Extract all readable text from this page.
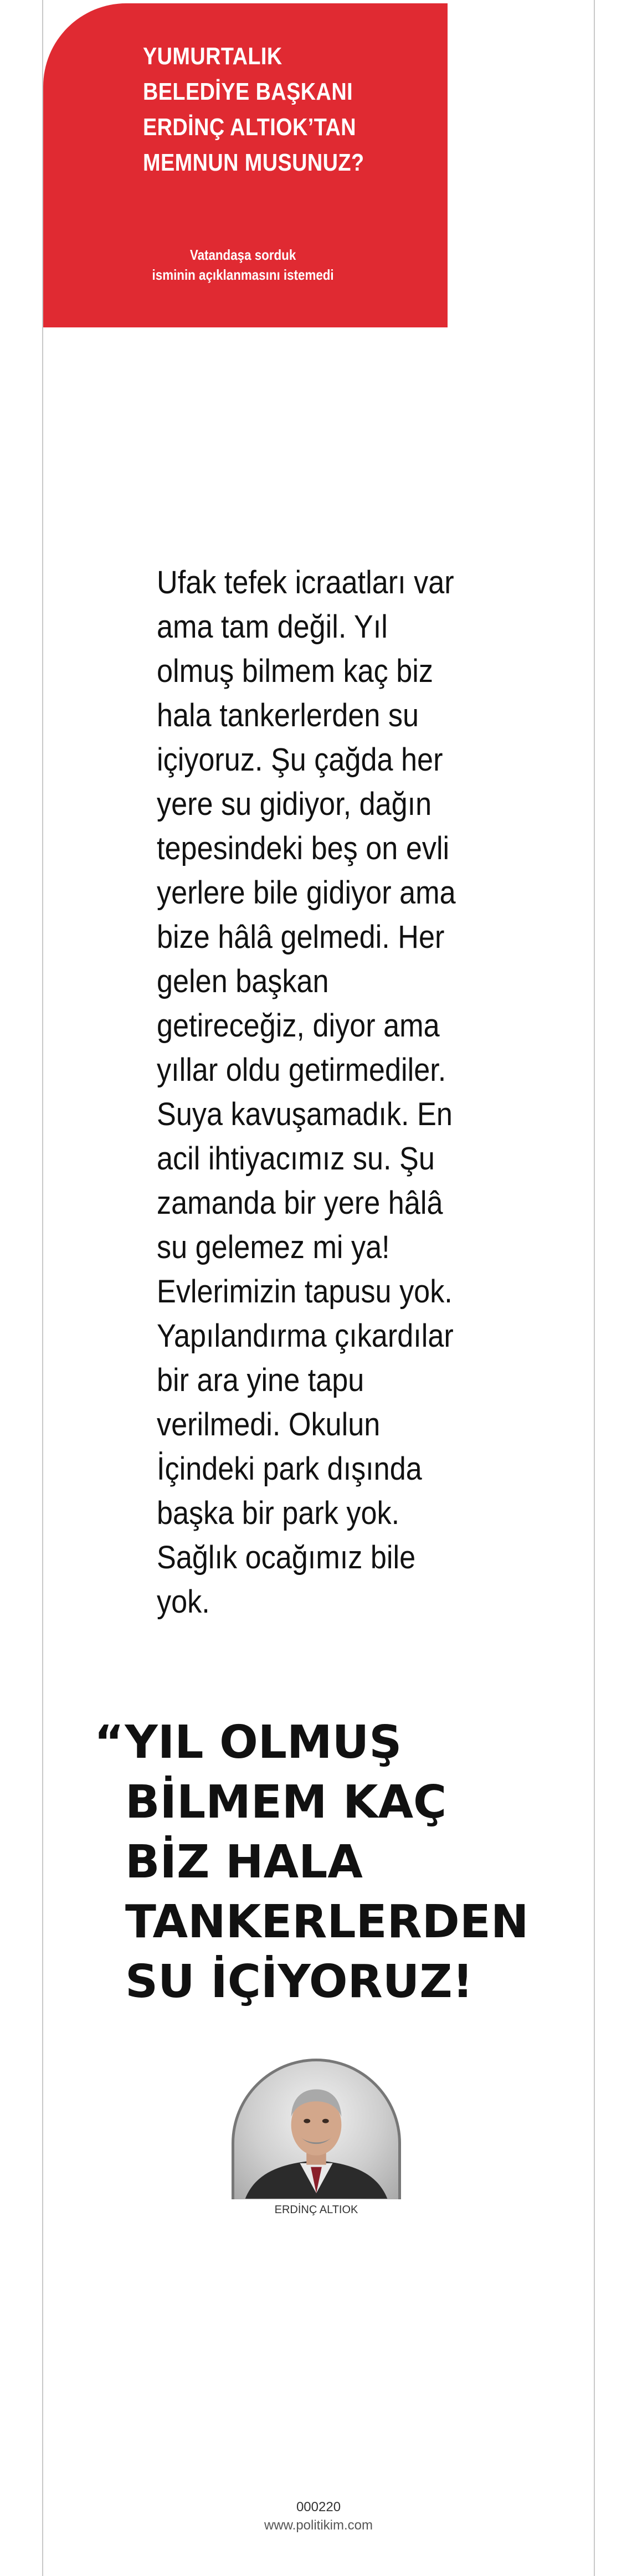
YUMURTALIK
BELEDİYE BAŞKANI
ERDİNÇ ALTIOK’TAN
MEMNUN MUSUNUZ?
Vatandaşa sorduk
isminin açıklanmasını istemedi
Ufak tefek icraatları var
ama tam değil. Yıl
olmuş bilmem kaç biz
hala tankerlerden su
içiyoruz. Şu çağda her
yere su gidiyor, dağın
tepesindeki beş on evli
yerlere bile gidiyor ama
bize hâlâ gelmedi. Her
gelen başkan
getireceğiz, diyor ama
yıllar oldu getirmediler.
Suya kavuşamadık. En
acil ihtiyacımız su. Şu
zamanda bir yere hâlâ
su gelemez mi ya!
Evlerimizin tapusu yok.
Yapılandırma çıkardılar
bir ara yine tapu
verilmedi. Okulun
İçindeki park dışında
başka bir park yok.
Sağlık ocağımız bile
yok.
“YIL OLMUŞ
BİLMEM KAÇ
BİZ HALA
TANKERLERDEN
SU İÇİYORUZ!
ERDİNÇ ALTIOK
000220
www.politikim.com
